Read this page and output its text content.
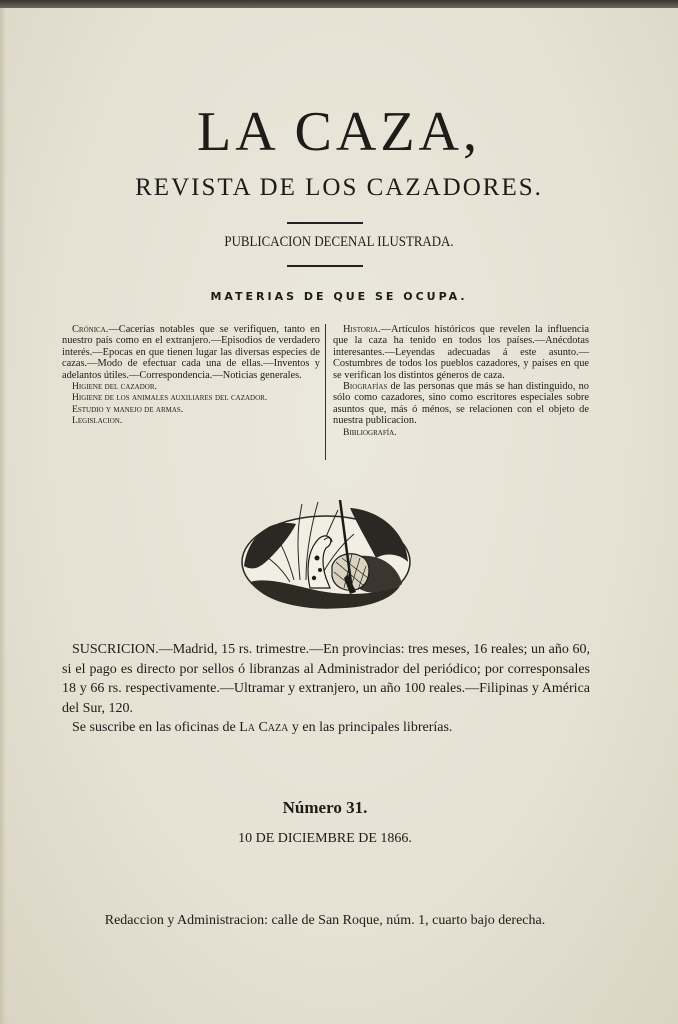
LA CAZA,
REVISTA DE LOS CAZADORES.
PUBLICACION DECENAL ILUSTRADA.
MATERIAS DE QUE SE OCUPA.

Crónica.—Cacerías notables que se verifiquen, tanto en nuestro país como en el extranjero.—Episodios de verdadero interés.—Epocas en que tienen lugar las diversas especies de cazas.—Modo de efectuar cada una de ellas.—Inventos y adelantos útiles.—Correspondencia.—Noticias generales.

Higiene del cazador.

Higiene de los animales auxiliares del cazador.

Estudio y manejo de armas.

Legislacion.

Historia.—Artículos históricos que revelen la influencia que la caza ha tenido en todos los países.—Anécdotas interesantes.—Leyendas adecuadas á este asunto.—Costumbres de todos los pueblos cazadores, y países en que se verifican los distintos géneros de caza.

Biografías de las personas que más se han distinguido, no sólo como cazadores, sino como escritores especiales sobre asuntos que, más ó ménos, se relacionen con el objeto de nuestra publicacion.

Bibliografía.

SUSCRICION.—Madrid, 15 rs. trimestre.—En provincias: tres meses, 16 reales; un año 60, si el pago es directo por sellos ó libranzas al Administrador del periódico; por corresponsales 18 y 66 rs. respectivamente.—Ultramar y extranjero, un año 100 reales.—Filipinas y América del Sur, 120.

Se suscribe en las oficinas de La Caza y en las principales librerías.

Número 31.
10 DE DICIEMBRE DE 1866.
Redaccion y Administracion: calle de San Roque, núm. 1, cuarto bajo derecha.
